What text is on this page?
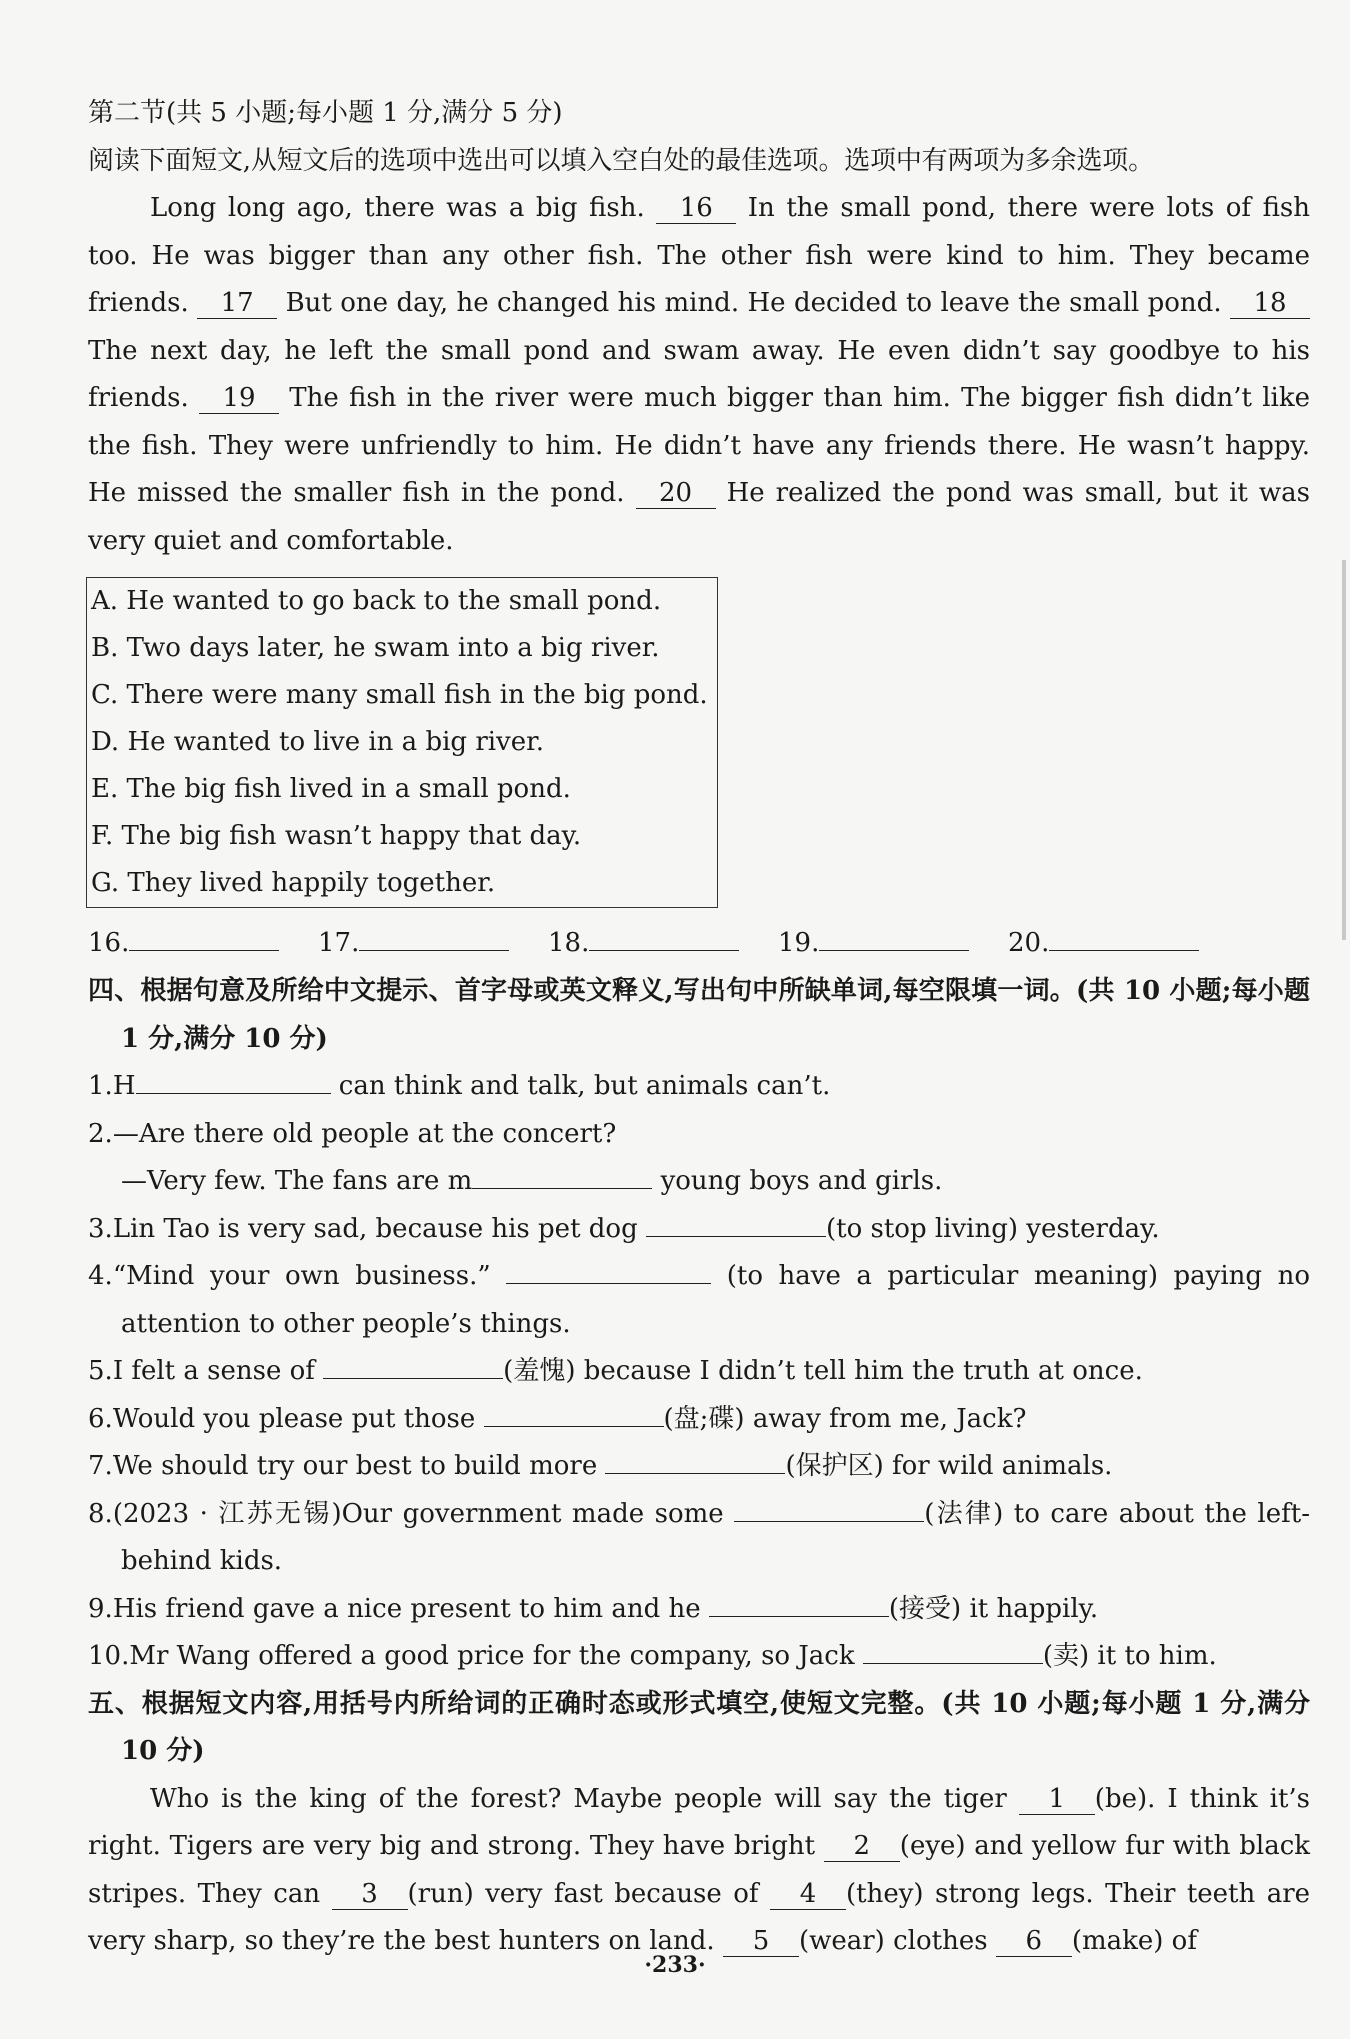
第二节(共 5 小题;每小题 1 分,满分 5 分)
阅读下面短文,从短文后的选项中选出可以填入空白处的最佳选项。选项中有两项为多余选项。
Long long ago, there was a big fish. 16 In the small pond, there were lots of fish too. He was bigger than any other fish. The other fish were kind to him. They became friends. 17 But one day, he changed his mind. He decided to leave the small pond. 18 The next day, he left the small pond and swam away. He even didn’t say goodbye to his friends. 19 The fish in the river were much bigger than him. The bigger fish didn’t like the fish. They were unfriendly to him. He didn’t have any friends there. He wasn’t happy. He missed the smaller fish in the pond. 20 He realized the pond was small, but it was very quiet and comfortable.
A. He wanted to go back to the small pond.
B. Two days later, he swam into a big river.
C. There were many small fish in the big pond.
D. He wanted to live in a big river.
E. The big fish lived in a small pond.
F. The big fish wasn’t happy that day.
G. They lived happily together.
16.	17.	18.	19.	20.
四、根据句意及所给中文提示、首字母或英文释义,写出句中所缺单词,每空限填一词。(共 10 小题;每小题 1 分,满分 10 分)
1.H	can think and talk, but animals can’t.
2.—Are there old people at the concert?
—Very few. The fans are m	young boys and girls.
3.Lin Tao is very sad, because his pet dog	(to stop living) yesterday.
4.“Mind your own business.”	(to have a particular meaning) paying no attention to other people’s things.
5.I felt a sense of	(羞愧) because I didn’t tell him the truth at once.
6.Would you please put those	(盘;碟) away from me, Jack?
7.We should try our best to build more	(保护区) for wild animals.
8.(2023 · 江苏无锡)Our government made some	(法律) to care about the left-behind kids.
9.His friend gave a nice present to him and he	(接受) it happily.
10.Mr Wang offered a good price for the company, so Jack	(卖) it to him.
五、根据短文内容,用括号内所给词的正确时态或形式填空,使短文完整。(共 10 小题;每小题 1 分,满分 10 分)
Who is the king of the forest? Maybe people will say the tiger 1 (be). I think it’s right. Tigers are very big and strong. They have bright 2 (eye) and yellow fur with black stripes. They can 3 (run) very fast because of 4 (they) strong legs. Their teeth are very sharp, so they’re the best hunters on land. 5 (wear) clothes 6 (make) of
·233·
